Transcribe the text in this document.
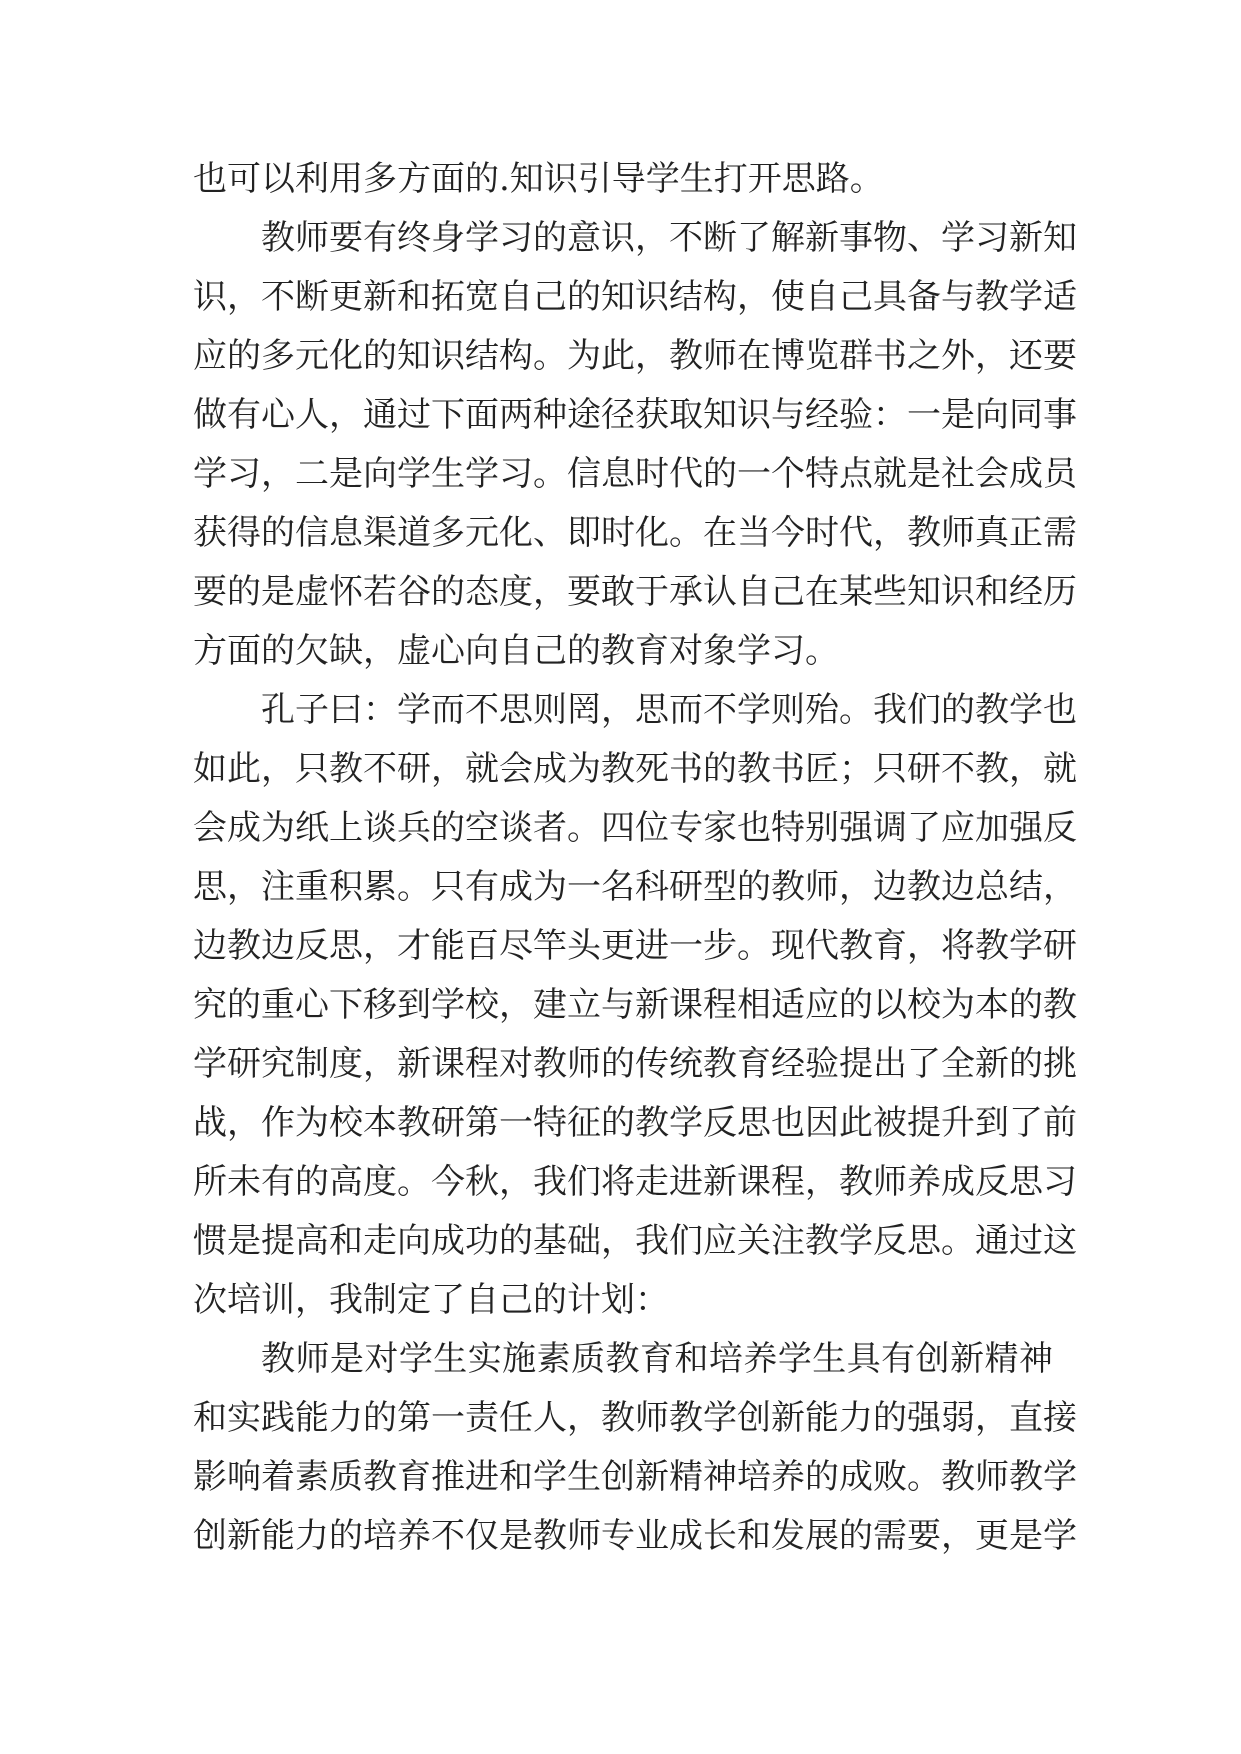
也可以利用多方面的.知识引导学生打开思路。
教师要有终身学习的意识，不断了解新事物、学习新知
识，不断更新和拓宽自己的知识结构，使自己具备与教学适
应的多元化的知识结构。为此，教师在博览群书之外，还要
做有心人，通过下面两种途径获取知识与经验：一是向同事
学习，二是向学生学习。信息时代的一个特点就是社会成员
获得的信息渠道多元化、即时化。在当今时代，教师真正需
要的是虚怀若谷的态度，要敢于承认自己在某些知识和经历
方面的欠缺，虚心向自己的教育对象学习。
孔子曰：学而不思则罔，思而不学则殆。我们的教学也
如此，只教不研，就会成为教死书的教书匠；只研不教，就
会成为纸上谈兵的空谈者。四位专家也特别强调了应加强反
思，注重积累。只有成为一名科研型的教师，边教边总结，
边教边反思，才能百尽竿头更进一步。现代教育，将教学研
究的重心下移到学校，建立与新课程相适应的以校为本的教
学研究制度，新课程对教师的传统教育经验提出了全新的挑
战，作为校本教研第一特征的教学反思也因此被提升到了前
所未有的高度。今秋，我们将走进新课程，教师养成反思习
惯是提高和走向成功的基础，我们应关注教学反思。通过这
次培训，我制定了自己的计划：
教师是对学生实施素质教育和培养学生具有创新精神
和实践能力的第一责任人，教师教学创新能力的强弱，直接
影响着素质教育推进和学生创新精神培养的成败。教师教学
创新能力的培养不仅是教师专业成长和发展的需要，更是学
